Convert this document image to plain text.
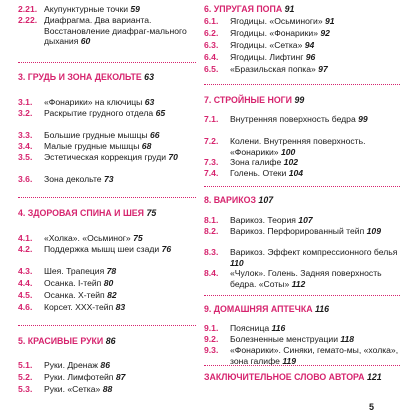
2.21. Акупунктурные точки 59
2.22. Диафрагма. Два варианта. Восстановление диафраг-мального дыхания 60
3. ГРУДЬ И ЗОНА ДЕКОЛЬТЕ 63
3.1.	«Фонарики» на ключицы 63
3.2.	Раскрытие грудного отдела 65
3.3.	Большие грудные мышцы 66
3.4.	Малые грудные мышцы 68
3.5.	Эстетическая коррекция груди 70
3.6.	Зона декольте 73
4. ЗДОРОВАЯ СПИНА И ШЕЯ 75
4.1.	«Холка». «Осьминог» 75
4.2.	Поддержка мышц шеи сзади 76
4.3.	Шея. Трапеция 78
4.4.	Осанка. I-тейп 80
4.5.	Осанка. Х-тейп 82
4.6.	Корсет. ХХХ-тейп 83
5. КРАСИВЫЕ РУКИ 86
5.1.	Руки. Дренаж 86
5.2.	Руки. Лимфотейп 87
5.3.	Руки. «Сетка» 88
6. УПРУГАЯ ПОПА 91
6.1.	Ягодицы. «Осьминоги» 91
6.2.	Ягодицы. «Фонарики» 92
6.3.	Ягодицы. «Сетка» 94
6.4.	Ягодицы. Лифтинг 96
6.5.	«Бразильская попка» 97
7. СТРОЙНЫЕ НОГИ 99
7.1.	Внутренняя поверхность бедра 99
7.2.	Колени. Внутренняя поверхность. «Фонарики» 100
7.3.	Зона галифе 102
7.4.	Голень. Отеки 104
8. ВАРИКОЗ 107
8.1.	Варикоз. Теория 107
8.2.	Варикоз. Перфорированный тейп 109
8.3.	Варикоз. Эффект компрессионного белья 110
8.4.	«Чулок». Голень. Задняя поверхность бедра. «Соты» 112
9. ДОМАШНЯЯ АПТЕЧКА 116
9.1.	Поясница 116
9.2.	Болезненные менструации 118
9.3.	«Фонарики». Синяки, гемато-мы, «холка», зона галифе 119
ЗАКЛЮЧИТЕЛЬНОЕ СЛОВО АВТОРА 121
5
